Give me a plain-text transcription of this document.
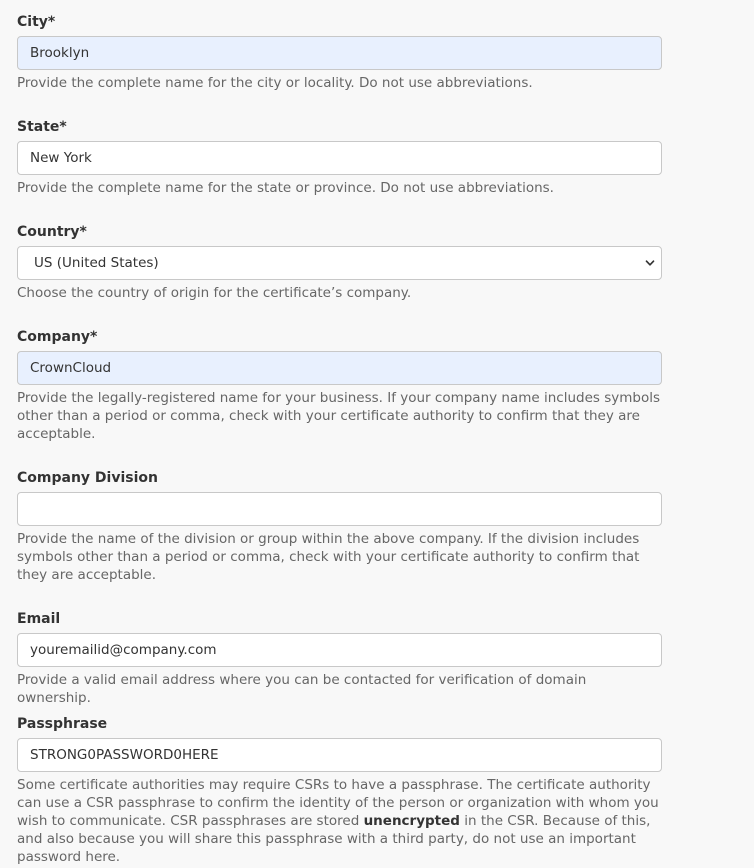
City*
Brooklyn
Provide the complete name for the city or locality. Do not use abbreviations.
State*
New York
Provide the complete name for the state or province. Do not use abbreviations.
Country*
US (United States)
Choose the country of origin for the certificate’s company.
Company*
CrownCloud
Provide the legally-registered name for your business. If your company name includes symbols other than a period or comma, check with your certificate authority to confirm that they are acceptable.
Company Division
Provide the name of the division or group within the above company. If the division includes symbols other than a period or comma, check with your certificate authority to confirm that they are acceptable.
Email
youremailid@company.com
Provide a valid email address where you can be contacted for verification of domain ownership.
Passphrase
STRONG0PASSWORD0HERE
Some certificate authorities may require CSRs to have a passphrase. The certificate authority can use a CSR passphrase to confirm the identity of the person or organization with whom you wish to communicate. CSR passphrases are stored unencrypted in the CSR. Because of this, and also because you will share this passphrase with a third party, do not use an important password here.
